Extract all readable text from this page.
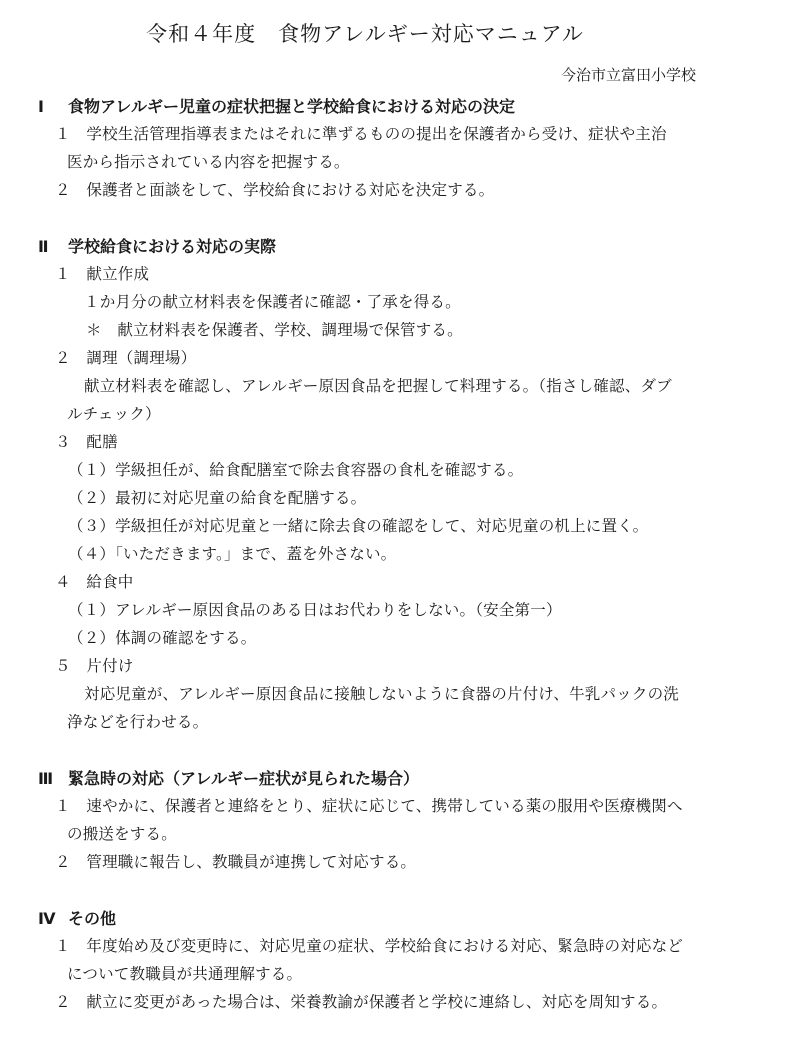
令和４年度　食物アレルギー対応マニュアル
今治市立富田小学校
Ⅰ 食物アレルギー児童の症状把握と学校給食における対応の決定
１　学校生活管理指導表またはそれに準ずるものの提出を保護者から受け、症状や主治
医から指示されている内容を把握する。
２　保護者と面談をして、学校給食における対応を決定する。
Ⅱ 学校給食における対応の実際
１　献立作成
１か月分の献立材料表を保護者に確認・了承を得る。
＊　献立材料表を保護者、学校、調理場で保管する。
２　調理（調理場）
献立材料表を確認し、アレルギー原因食品を把握して料理する。（指さし確認、ダブ
ルチェック）
３　配膳
（１）学級担任が、給食配膳室で除去食容器の食札を確認する。
（２）最初に対応児童の給食を配膳する。
（３）学級担任が対応児童と一緒に除去食の確認をして、対応児童の机上に置く。
（４）「いただきます。」まで、蓋を外さない。
４　給食中
（１）アレルギー原因食品のある日はお代わりをしない。（安全第一）
（２）体調の確認をする。
５　片付け
対応児童が、アレルギー原因食品に接触しないように食器の片付け、牛乳パックの洗
浄などを行わせる。
Ⅲ 緊急時の対応（アレルギー症状が見られた場合）
１　速やかに、保護者と連絡をとり、症状に応じて、携帯している薬の服用や医療機関へ
の搬送をする。
２　管理職に報告し、教職員が連携して対応する。
Ⅳ その他
１　年度始め及び変更時に、対応児童の症状、学校給食における対応、緊急時の対応など
について教職員が共通理解する。
２　献立に変更があった場合は、栄養教諭が保護者と学校に連絡し、対応を周知する。
